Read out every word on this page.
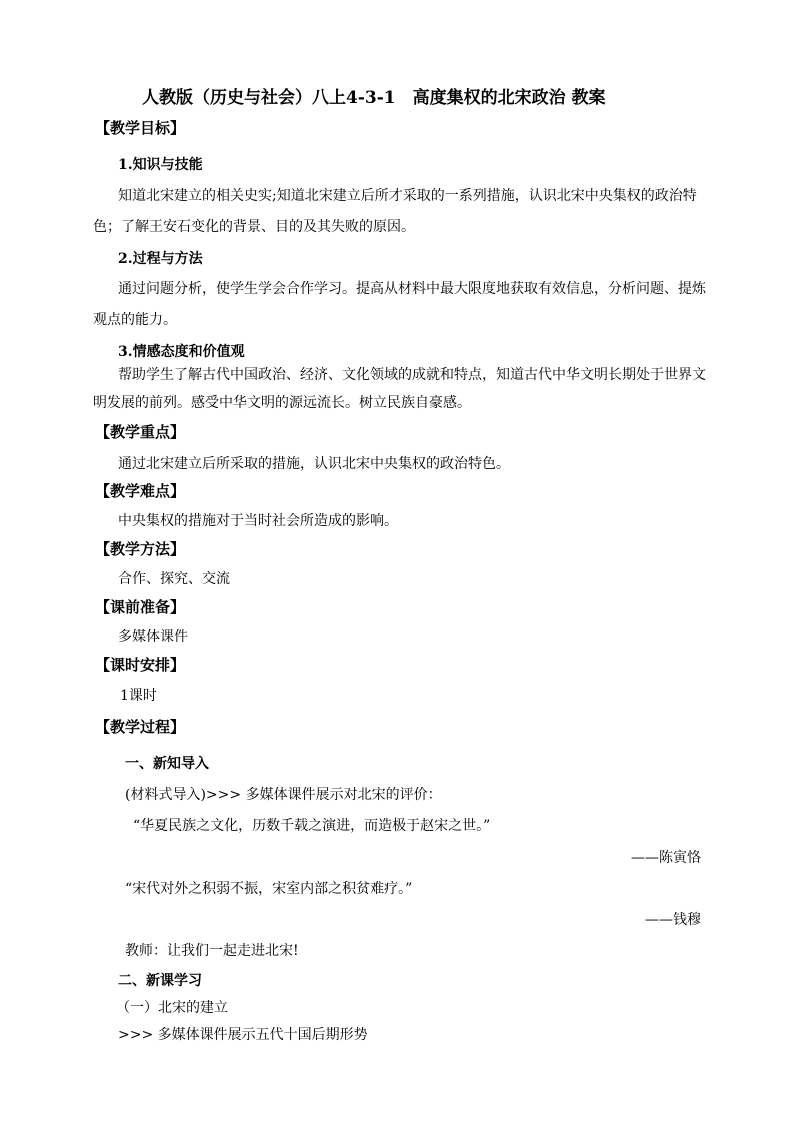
人教版（历史与社会）八上4-3-1　高度集权的北宋政治 教案
【教学目标】
1.知识与技能
知道北宋建立的相关史实;知道北宋建立后所才采取的一系列措施，认识北宋中央集权的政治特
色；了解王安石变化的背景、目的及其失败的原因。
2.过程与方法
通过问题分析，使学生学会合作学习。提高从材料中最大限度地获取有效信息，分析问题、提炼
观点的能力。
3.情感态度和价值观
帮助学生了解古代中国政治、经济、文化领域的成就和特点，知道古代中华文明长期处于世界文
明发展的前列。感受中华文明的源远流长。树立民族自豪感。
【教学重点】
通过北宋建立后所采取的措施，认识北宋中央集权的政治特色。
【教学难点】
中央集权的措施对于当时社会所造成的影响。
【教学方法】
合作、探究、交流
【课前准备】
多媒体课件
【课时安排】
1课时
【教学过程】
一、新知导入
(材料式导入)>>> 多媒体课件展示对北宋的评价：
“华夏民族之文化，历数千载之演进，而造极于赵宋之世。”
——陈寅恪
“宋代对外之积弱不振，宋室内部之积贫难疗。”
——钱穆
教师：让我们一起走进北宋!
二、新课学习
（一）北宋的建立
>>> 多媒体课件展示五代十国后期形势
